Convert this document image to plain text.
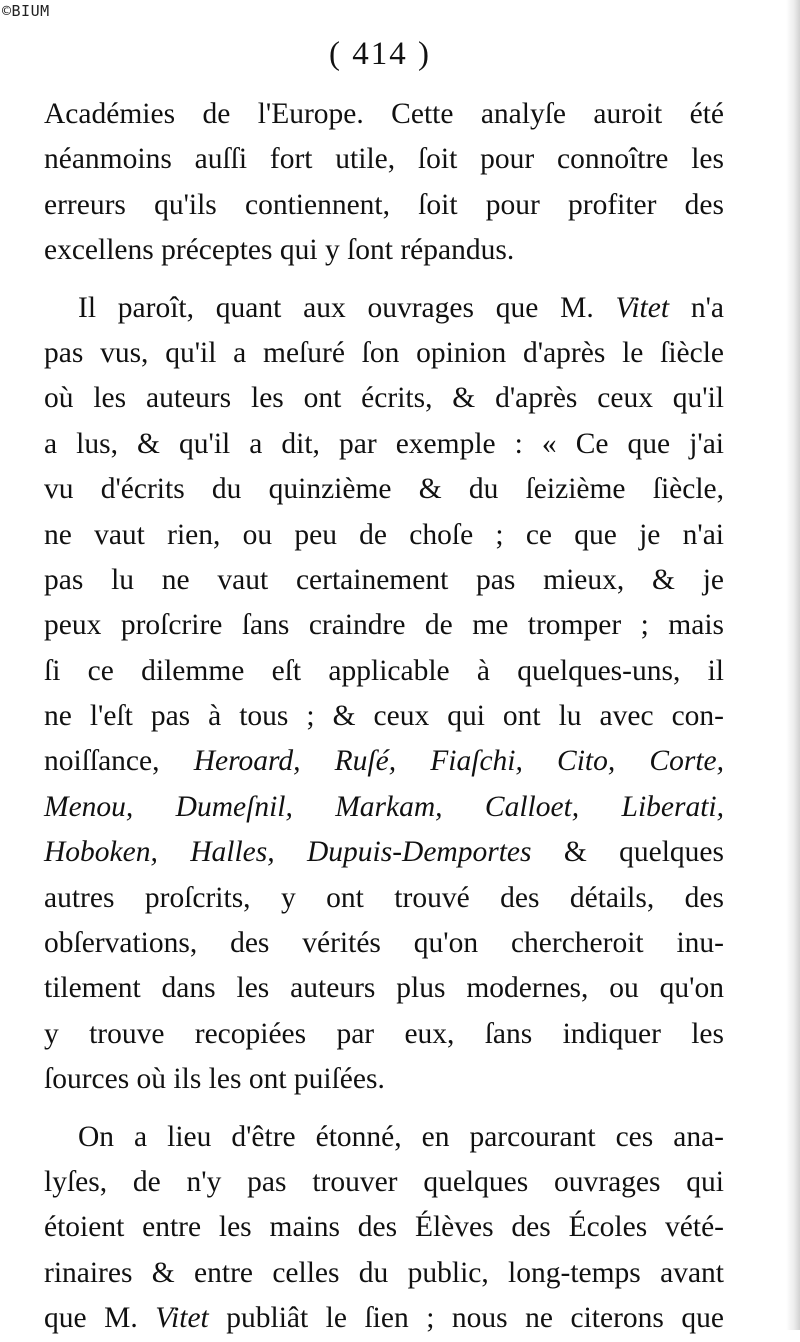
©BIUM
( 414 )
Académies de l'Europe. Cette analyſe auroit été
néanmoins auſſi fort utile, ſoit pour connoître les
erreurs qu'ils contiennent, ſoit pour profiter des
excellens préceptes qui y ſont répandus.
Il paroît, quant aux ouvrages que M. Vitet n'a
pas vus, qu'il a meſuré ſon opinion d'après le ſiècle
où les auteurs les ont écrits, & d'après ceux qu'il
a lus, & qu'il a dit, par exemple : « Ce que j'ai
vu d'écrits du quinzième & du ſeizième ſiècle,
ne vaut rien, ou peu de choſe ; ce que je n'ai
pas lu ne vaut certainement pas mieux, & je
peux proſcrire ſans craindre de me tromper ; mais
ſi ce dilemme eſt applicable à quelques-uns, il
ne l'eſt pas à tous ; & ceux qui ont lu avec con-
noiſſance, Heroard, Ruſé, Fiaſchi, Cito, Corte,
Menou, Dumeſnil, Markam, Calloet, Liberati,
Hoboken, Halles, Dupuis-Demportes & quelques
autres proſcrits, y ont trouvé des détails, des
obſervations, des vérités qu'on chercheroit inu-
tilement dans les auteurs plus modernes, ou qu'on
y trouve recopiées par eux, ſans indiquer les
ſources où ils les ont puiſées.
On a lieu d'être étonné, en parcourant ces ana-
lyſes, de n'y pas trouver quelques ouvrages qui
étoient entre les mains des Élèves des Écoles vété-
rinaires & entre celles du public, long-temps avant
que M. Vitet publiât le ſien ; nous ne citerons que
